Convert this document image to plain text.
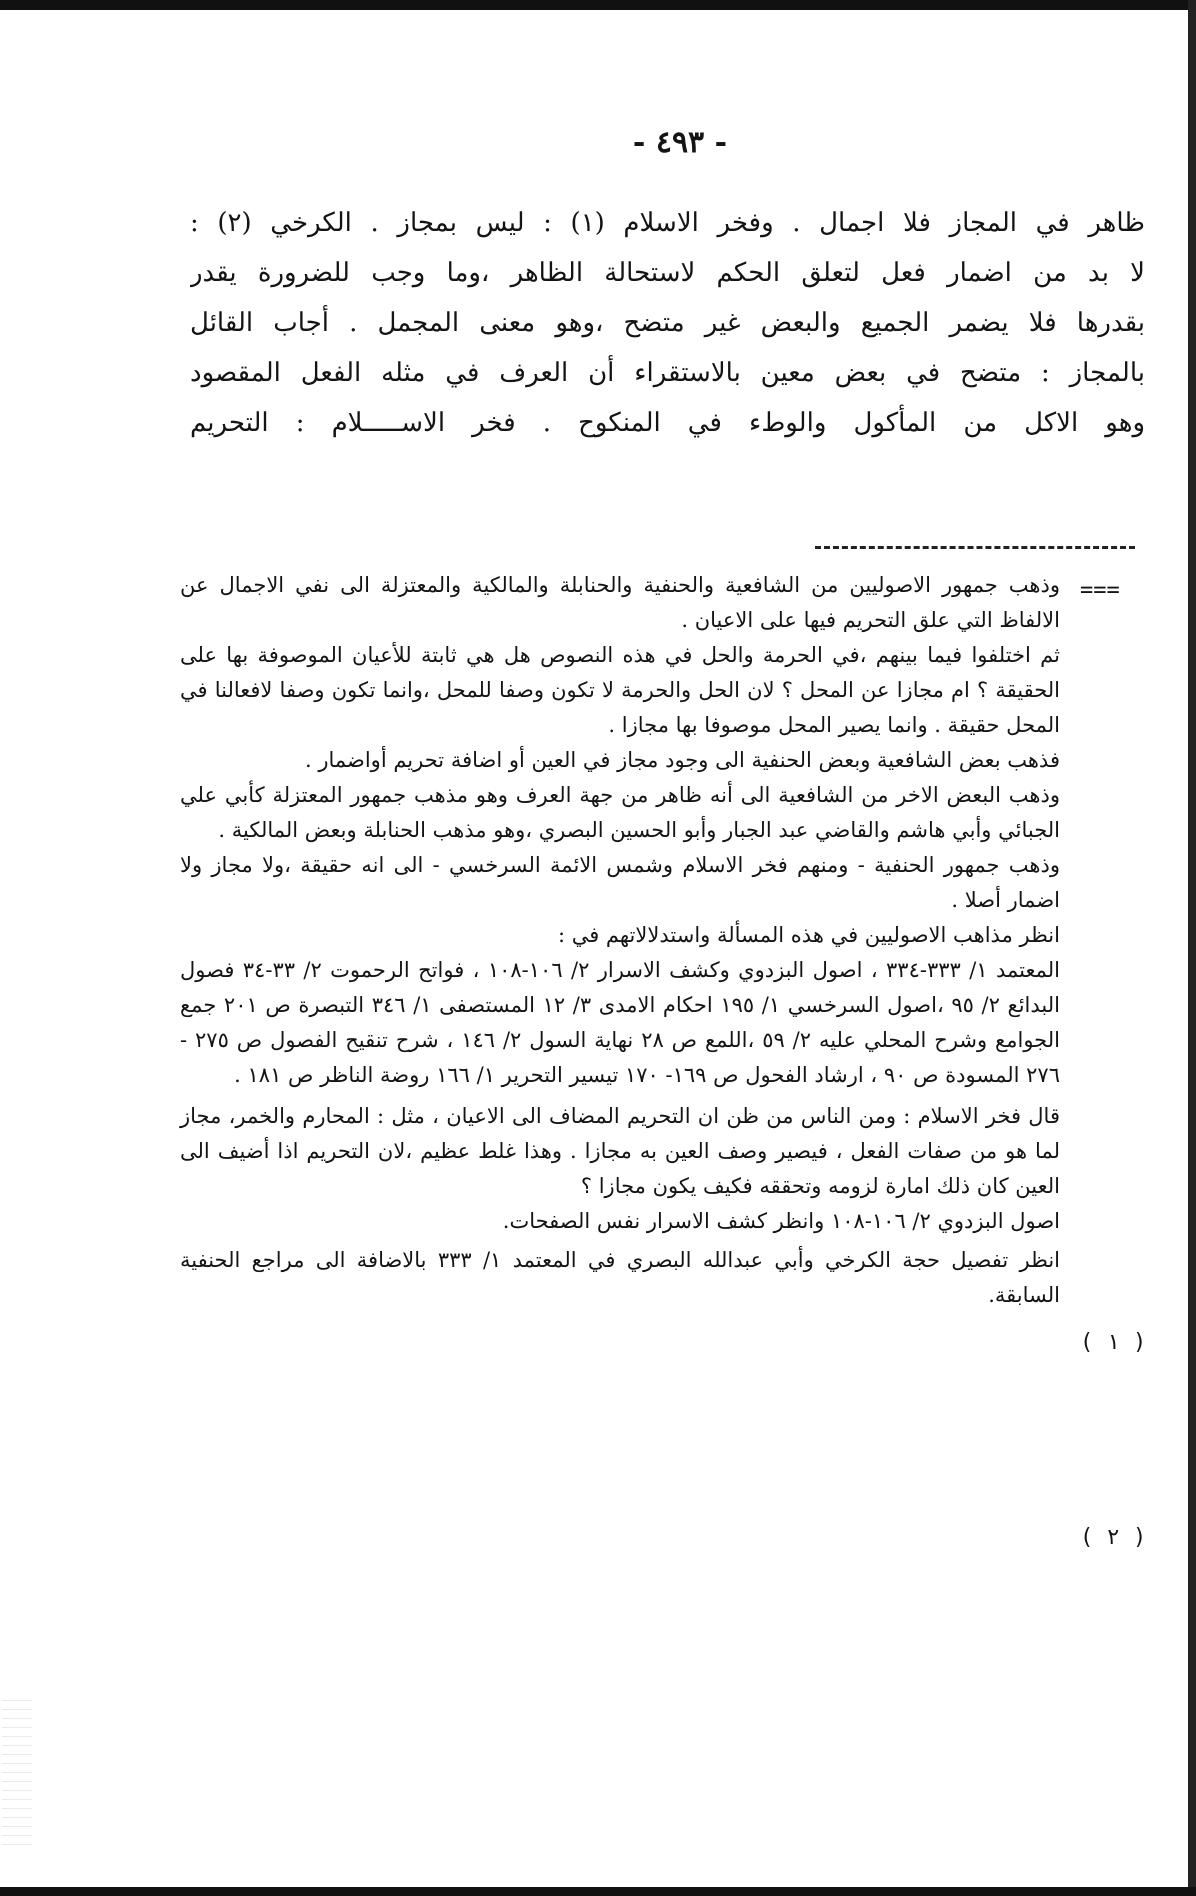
- ٤٩٣ -
ظاهر في المجاز فلا اجمال . وفخر الاسلام (١) : ليس بمجاز . الكرخي (٢) :
لا بد من اضمار فعل لتعلق الحكم لاستحالة الظاهر ،وما وجب للضرورة يقدر
بقدرها فلا يضمر الجميع والبعض غير متضح ،وهو معنى المجمل . أجاب القائل
بالمجاز : متضح في بعض معين بالاستقراء أن العرف في مثله الفعل المقصود
وهو الاكل من المأكول والوطء في المنكوح . فخر الاســـــلام : التحريم
===
( ١ )
( ٢ )

وذهب جمهور الاصوليين من الشافعية والحنفية والحنابلة والمالكية والمعتزلة الى نفي الاجمال عن الالفاظ التي علق التحريم فيها على الاعيان .

ثم اختلفوا فيما بينهم ،في الحرمة والحل في هذه النصوص هل هي ثابتة للأعيان الموصوفة بها على الحقيقة ؟ ام مجازا عن المحل ؟ لان الحل والحرمة لا تكون وصفا للمحل ،وانما تكون وصفا لافعالنا في المحل حقيقة . وانما يصير المحل موصوفا بها مجازا .

فذهب بعض الشافعية وبعض الحنفية الى وجود مجاز في العين أو اضافة تحريم أواضمار .

وذهب البعض الاخر من الشافعية الى أنه ظاهر من جهة العرف وهو مذهب جمهور المعتزلة كأبي علي الجبائي وأبي هاشم والقاضي عبد الجبار وأبو الحسين البصري ،وهو مذهب الحنابلة وبعض المالكية .

وذهب جمهور الحنفية - ومنهم فخر الاسلام وشمس الائمة السرخسي - الى انه حقيقة ،ولا مجاز ولا اضمار أصلا .

انظر مذاهب الاصوليين في هذه المسألة واستدلالاتهم في :

المعتمد ١/ ٣٣٣-٣٣٤ ، اصول البزدوي وكشف الاسرار ٢/ ١٠٦-١٠٨ ، فواتح الرحموت ٢/ ٣٣-٣٤ فصول البدائع ٢/ ٩٥ ،اصول السرخسي ١/ ١٩٥ احكام الامدى ٣/ ١٢ المستصفى ١/ ٣٤٦ التبصرة ص ٢٠١ جمع الجوامع وشرح المحلي عليه ٢/ ٥٩ ،اللمع ص ٢٨ نهاية السول ٢/ ١٤٦ ، شرح تنقيح الفصول ص ٢٧٥ - ٢٧٦ المسودة ص ٩٠ ، ارشاد الفحول ص ١٦٩- ١٧٠ تيسير التحرير ١/ ١٦٦ روضة الناظر ص ١٨١ .

قال فخر الاسلام : ومن الناس من ظن ان التحريم المضاف الى الاعيان ، مثل : المحارم والخمر، مجاز لما هو من صفات الفعل ، فيصير وصف العين به مجازا . وهذا غلط عظيم ،لان التحريم اذا أضيف الى العين كان ذلك امارة لزومه وتحققه فكيف يكون مجازا ؟

اصول البزدوي ٢/ ١٠٦-١٠٨ وانظر كشف الاسرار نفس الصفحات.

انظر تفصيل حجة الكرخي وأبي عبدالله البصري في المعتمد ١/ ٣٣٣ بالاضافة الى مراجع الحنفية السابقة.
